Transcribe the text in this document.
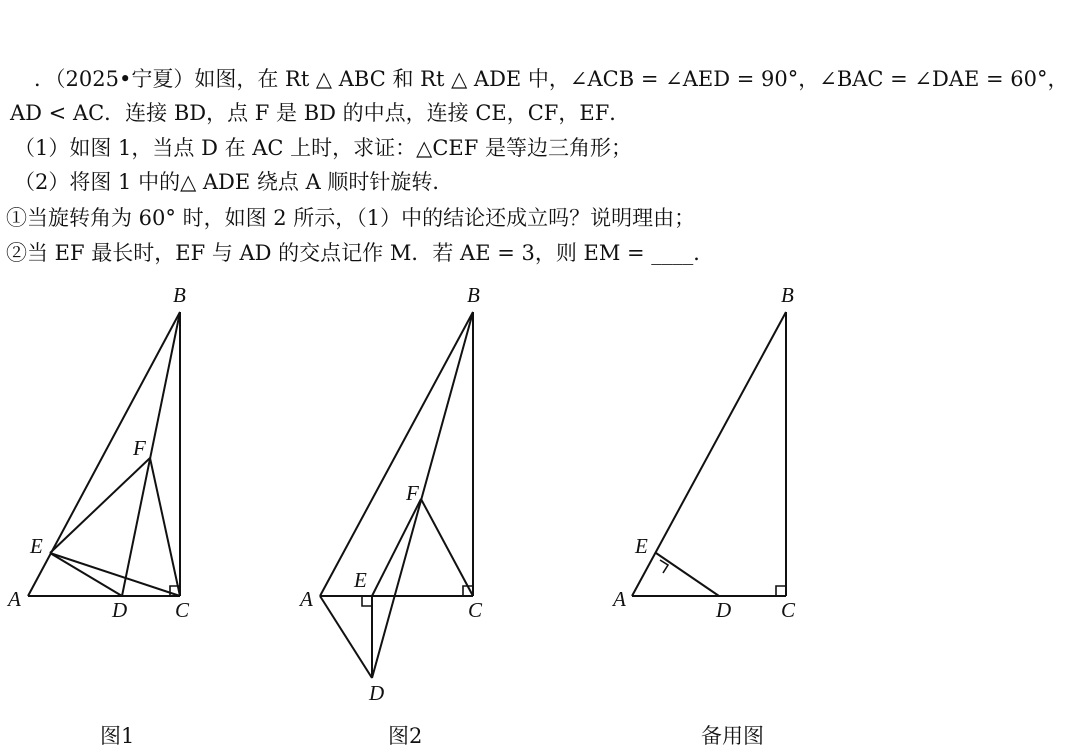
．（2025•宁夏）如图，在 Rt △ ABC 和 Rt △ ADE 中，∠ACB = ∠AED = 90°，∠BAC = ∠DAE = 60°，
AD < AC．连接 BD，点 F 是 BD 的中点，连接 CE，CF，EF．
（1）如图 1，当点 D 在 AC 上时，求证：△CEF 是等边三角形；
（2）将图 1 中的△ ADE 绕点 A 顺时针旋转．
①当旋转角为 60° 时，如图 2 所示，（1）中的结论还成立吗？说明理由；
②当 EF 最长时，EF 与 AD 的交点记作 M．若 AE = 3，则 EM = ____．
A
B
C
D
E
F
图1
A
B
C
D
E
F
图2
A
B
C
D
E
备用图
